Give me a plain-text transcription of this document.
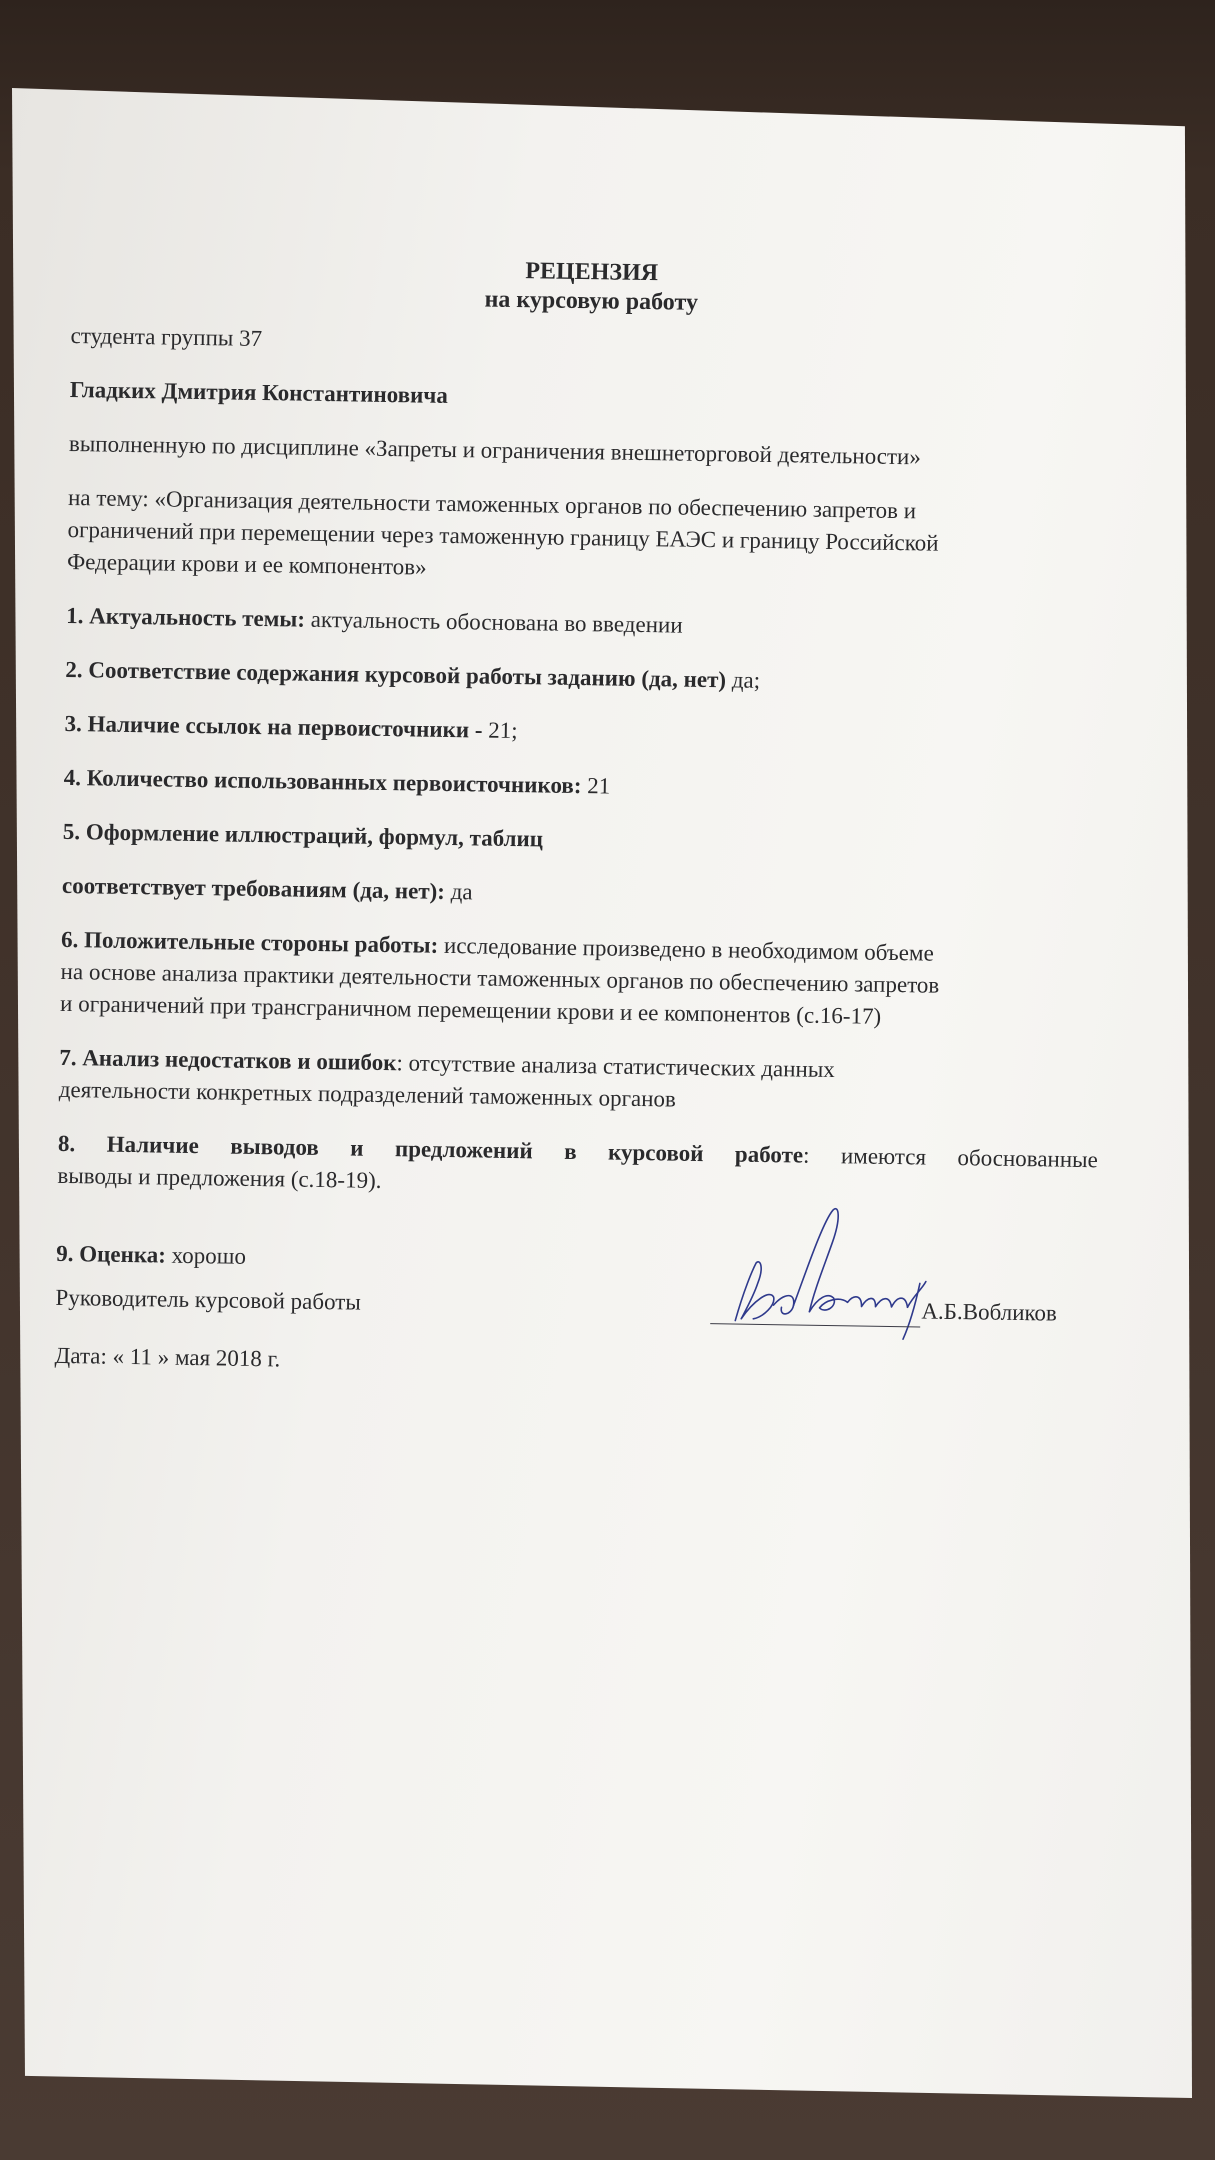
РЕЦЕНЗИЯ

на курсовую работу

студента группы 37

Гладких Дмитрия Константиновича

выполненную по дисциплине «Запреты и ограничения внешнеторговой деятельности»

на тему: «Организация деятельности таможенных органов по обеспечению запретов и

ограничений при перемещении через таможенную границу ЕАЭС и границу Российской

Федерации крови и ее компонентов»

1. Актуальность темы: актуальность обоснована во введении

2. Соответствие содержания курсовой работы заданию (да, нет) да;

3. Наличие ссылок на первоисточники - 21;

4. Количество использованных первоисточников: 21

5. Оформление иллюстраций, формул, таблиц

соответствует требованиям (да, нет): да

6. Положительные стороны работы: исследование произведено в необходимом объеме

на основе анализа практики деятельности таможенных органов по обеспечению запретов

и ограничений при трансграничном перемещении крови и ее компонентов (с.16-17)

7. Анализ недостатков и ошибок: отсутствие анализа статистических данных

деятельности конкретных подразделений таможенных органов

8. Наличие выводов и предложений в курсовой работе: имеются обоснованные

выводы и предложения (с.18-19).

9. Оценка: хорошо

Руководитель курсовой работы	А.Б.Вобликов

Дата: « 11 » мая 2018 г.
